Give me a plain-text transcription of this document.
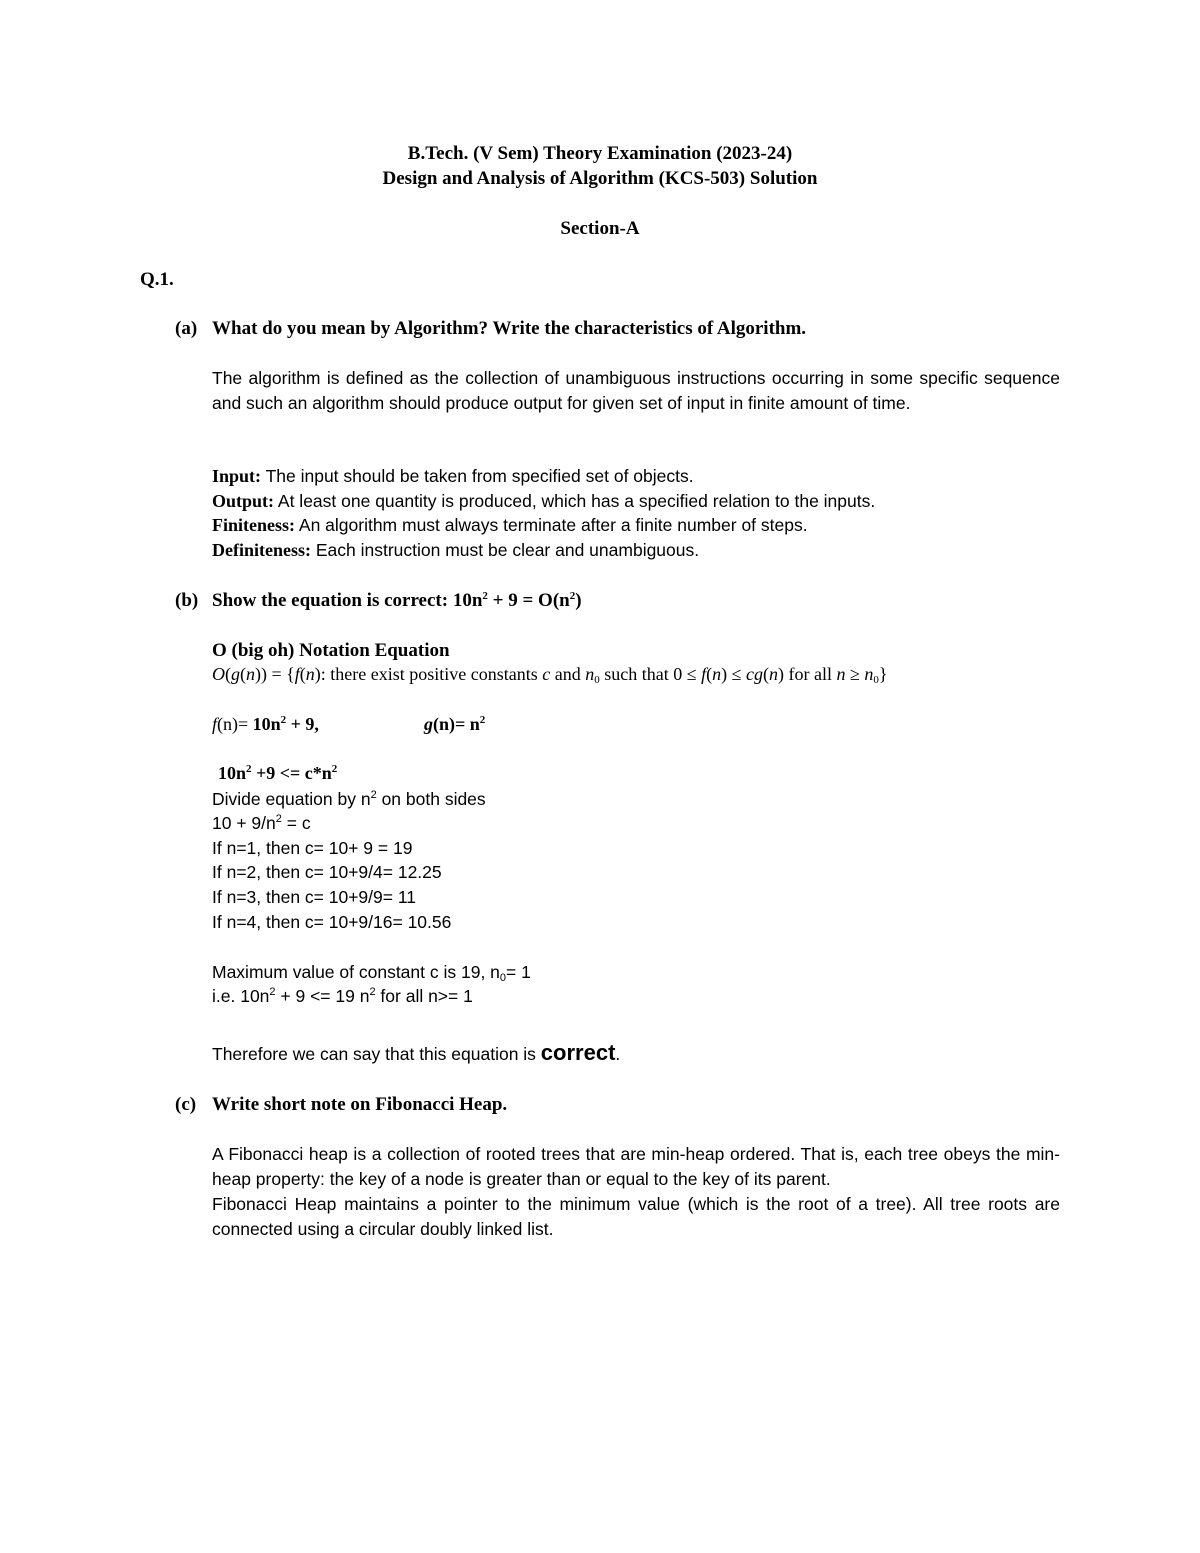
B.Tech. (V Sem) Theory Examination (2023-24)
Design and Analysis of Algorithm (KCS-503) Solution
Section-A
Q.1.
(a) What do you mean by Algorithm? Write the characteristics of Algorithm.
The algorithm is defined as the collection of unambiguous instructions occurring in some specific sequence and such an algorithm should produce output for given set of input in finite amount of time.
Input: The input should be taken from specified set of objects.
Output: At least one quantity is produced, which has a specified relation to the inputs.
Finiteness: An algorithm must always terminate after a finite number of steps.
Definiteness: Each instruction must be clear and unambiguous.
(b) Show the equation is correct: $10n^2 + 9 = O(n^2)$
O (big oh) Notation Equation
O(g(n)) = {f(n): there exist positive constants c and $n_0$ such that 0 ≤ f(n) ≤ cg(n) for all $n \ge n_0$}
$f(n)= 10n^2 + 9$,	$g(n)= n^2$
$10n^2 +9 <= c*n^2$
Divide equation by $n^2$ on both sides
$10 + 9/n^2 = c$
If n=1, then c= 10+ 9 = 19
If n=2, then c= 10+9/4= 12.25
If n=3, then c= 10+9/9= 11
If n=4, then c= 10+9/16= 10.56
Maximum value of constant c is 19, $n_0= 1$
i.e. $10n^2 + 9 <= 19$ $n^2$ for all n>= 1
Therefore we can say that this equation is correct.
(c) Write short note on Fibonacci Heap.
A Fibonacci heap is a collection of rooted trees that are min-heap ordered. That is, each tree obeys the min-heap property: the key of a node is greater than or equal to the key of its parent.
Fibonacci Heap maintains a pointer to the minimum value (which is the root of a tree). All tree roots are connected using a circular doubly linked list.
